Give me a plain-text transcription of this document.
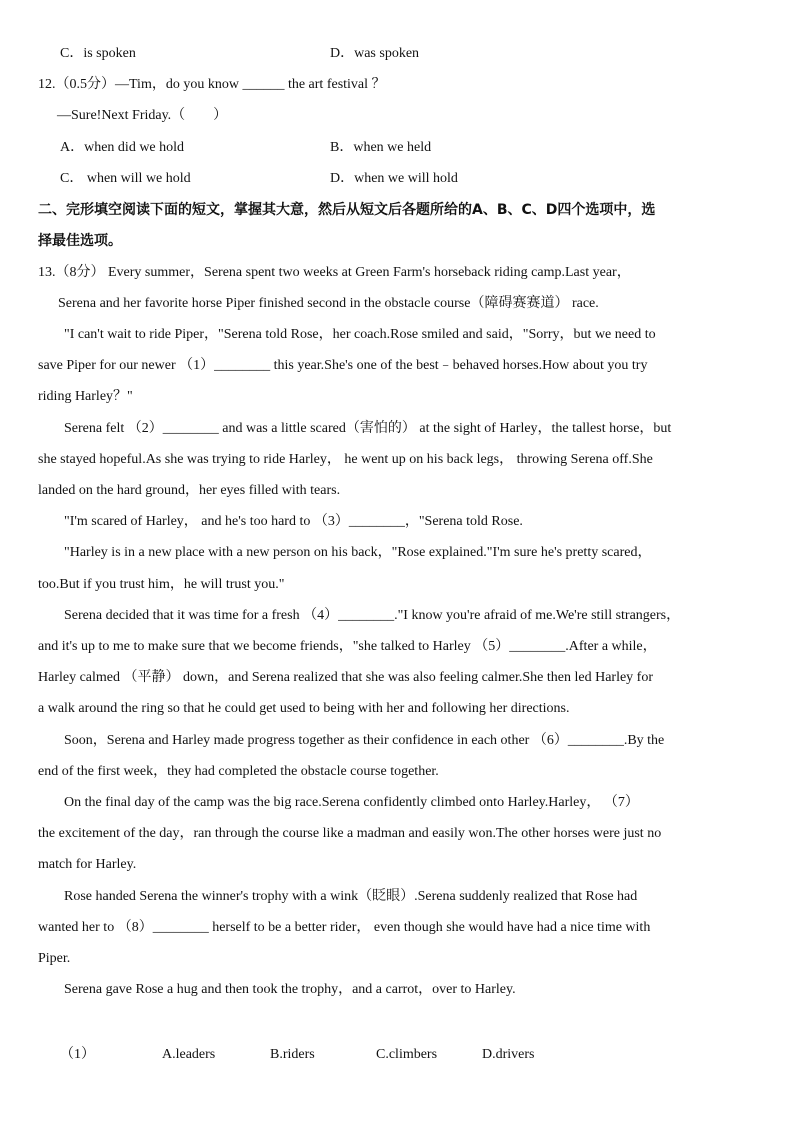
C．is spoken	D．was spoken
12.（0.5分）—Tim，do you know ______ the art festival ？
—Sure!Next Friday.（　　）
A．when did we hold	B．when we held
C． when will we hold	D．when we will hold
二、完形填空阅读下面的短文，掌握其大意，然后从短文后各题所给的A、B、C、D四个选项中，选
择最佳选项。
13.（8分） Every summer，Serena spent two weeks at Green Farm's horseback riding camp.Last year，
Serena and her favorite horse Piper finished second in the obstacle course（障碍赛赛道） race.
"I can't wait to ride Piper，"Serena told Rose，her coach.Rose smiled and said，"Sorry，but we need to
save Piper for our newer （1）________ this year.She's one of the best﹣behaved horses.How about you try
riding Harley？"
Serena felt （2）________ and was a little scared（害怕的） at the sight of Harley，the tallest horse，but
she stayed hopeful.As she was trying to ride Harley， he went up on his back legs， throwing Serena off.She
landed on the hard ground，her eyes filled with tears.
"I'm scared of Harley， and he's too hard to （3）________，"Serena told Rose.
"Harley is in a new place with a new person on his back，"Rose explained."I'm sure he's pretty scared，
too.But if you trust him，he will trust you."
Serena decided that it was time for a fresh （4）________."I know you're afraid of me.We're still strangers，
and it's up to me to make sure that we become friends，"she talked to Harley （5）________.After a while，
Harley calmed （平静） down，and Serena realized that she was also feeling calmer.She then led Harley for
a walk around the ring so that he could get used to being with her and following her directions.
Soon，Serena and Harley made progress together as their confidence in each other （6）________.By the
end of the first week，they had completed the obstacle course together.
On the final day of the camp was the big race.Serena confidently climbed onto Harley.Harley， （7）
the excitement of the day，ran through the course like a madman and easily won.The other horses were just no
match for Harley.
Rose handed Serena the winner's trophy with a wink（眨眼）.Serena suddenly realized that Rose had
wanted her to （8）________ herself to be a better rider， even though she would have had a nice time with
Piper.
Serena gave Rose a hug and then took the trophy，and a carrot，over to Harley.
（1）	A.leaders	B.riders	C.climbers	D.drivers
